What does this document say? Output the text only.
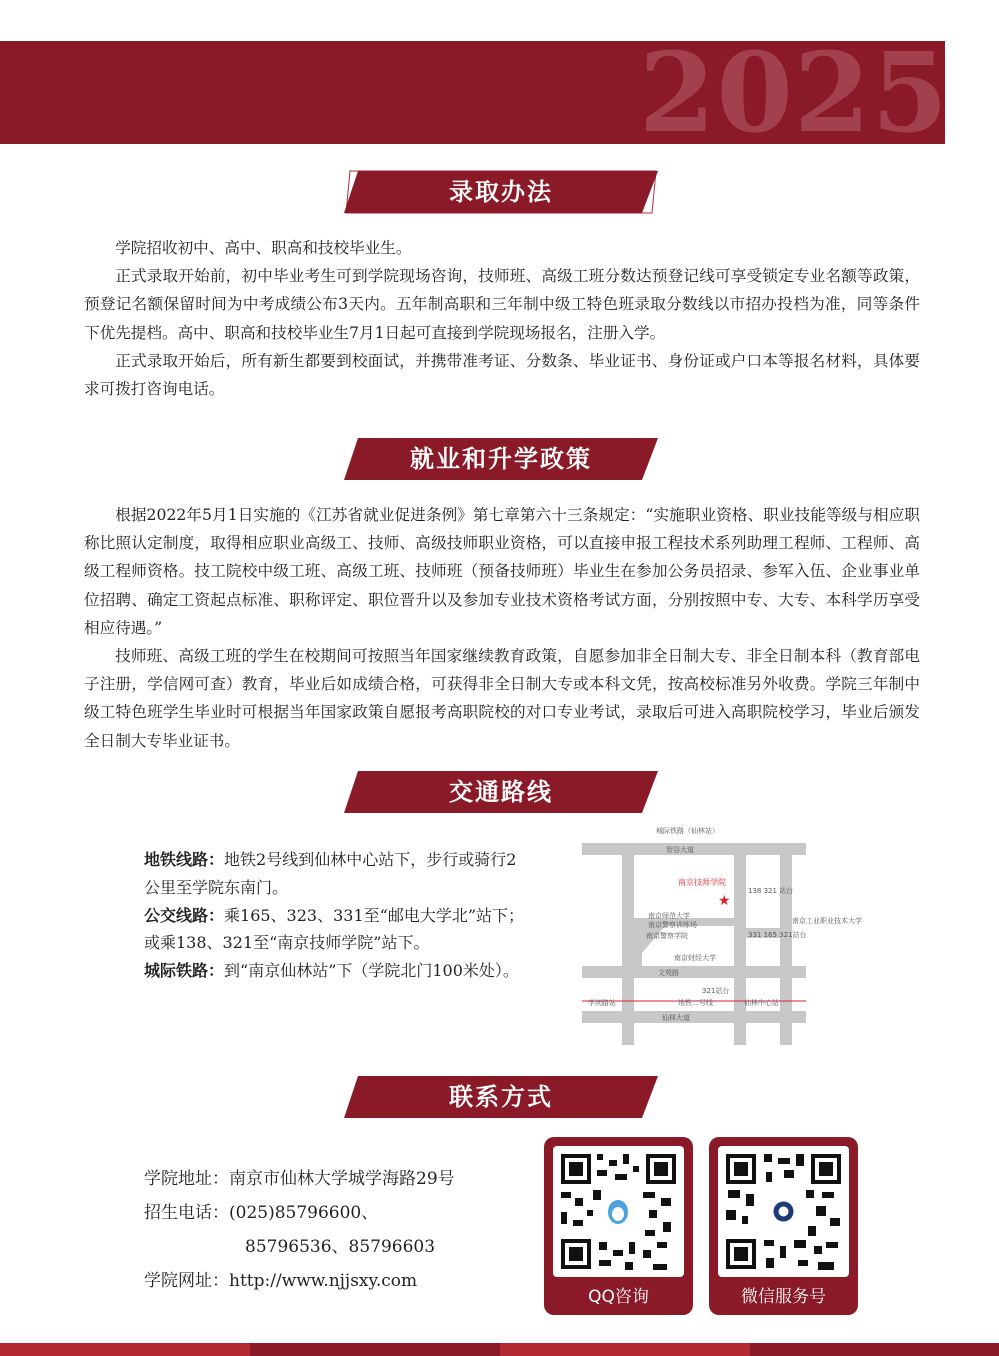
2025
录取办法

学院招收初中、高中、职高和技校毕业生。

正式录取开始前，初中毕业考生可到学院现场咨询，技师班、高级工班分数达预登记线可享受锁定专业名额等政策，预登记名额保留时间为中考成绩公布3天内。五年制高职和三年制中级工特色班录取分数线以市招办投档为准，同等条件下优先提档。高中、职高和技校毕业生7月1日起可直接到学院现场报名，注册入学。

正式录取开始后，所有新生都要到校面试，并携带准考证、分数条、毕业证书、身份证或户口本等报名材料，具体要求可拨打咨询电话。

就业和升学政策

根据2022年5月1日实施的《江苏省就业促进条例》第七章第六十三条规定：“实施职业资格、职业技能等级与相应职称比照认定制度，取得相应职业高级工、技师、高级技师职业资格，可以直接申报工程技术系列助理工程师、工程师、高级工程师资格。技工院校中级工班、高级工班、技师班（预备技师班）毕业生在参加公务员招录、参军入伍、企业事业单位招聘、确定工资起点标准、职称评定、职位晋升以及参加专业技术资格考试方面，分别按照中专、大专、本科学历享受相应待遇。”

技师班、高级工班的学生在校期间可按照当年国家继续教育政策，自愿参加非全日制大专、非全日制本科（教育部电子注册，学信网可查）教育，毕业后如成绩合格，可获得非全日制大专或本科文凭，按高校标准另外收费。学院三年制中级工特色班学生毕业时可根据当年国家政策自愿报考高职院校的对口专业考试，录取后可进入高职院校学习，毕业后颁发全日制大专毕业证书。

交通路线

地铁线路：地铁2号线到仙林中心站下，步行或骑行2公里至学院东南门。

公交线路：乘165、323、331至“邮电大学北”站下；或乘138、321至“南京技师学院”站下。

城际铁路：到“南京仙林站”下（学院北门100米处）。

城际铁路（仙林站）
智谷大道
文苑路
仙林大道
南京师范大学
南京警察训练场
南京警察学院
南京财经大学
138 321 站台
331 165 321站台
321站台
地铁二号线
学则路站	仙林中心站
南京工业职业技术大学
南京技师学院
★
联系方式
学院地址：南京市仙林大学城学海路29号
招生电话：(025)85796600、
85796536、85796603
学院网址：http://www.njjsxy.com
QQ咨询	微信服务号
